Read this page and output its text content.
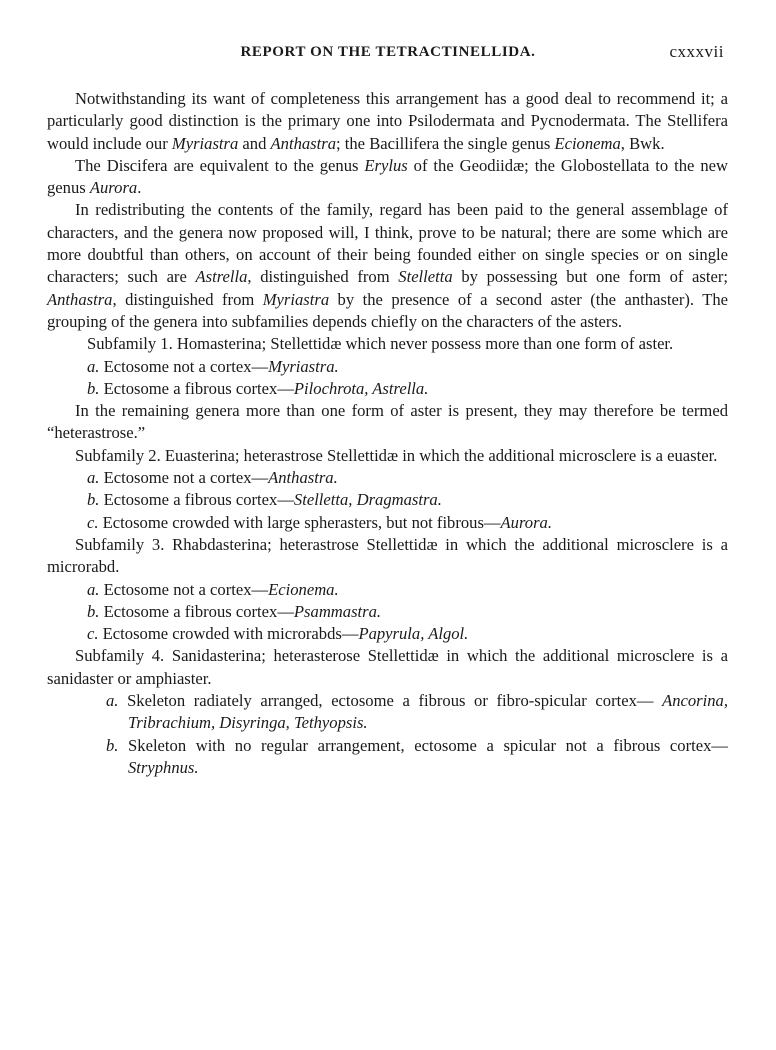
REPORT ON THE TETRACTINELLIDA.	cxxxvii

Notwithstanding its want of completeness this arrangement has a good deal to recommend it; a particularly good distinction is the primary one into Psilodermata and Pycnodermata. The Stellifera would include our Myriastra and Anthastra; the Bacillifera the single genus Ecionema, Bwk.

The Discifera are equivalent to the genus Erylus of the Geodiidæ; the Globostellata to the new genus Aurora.

In redistributing the contents of the family, regard has been paid to the general assemblage of characters, and the genera now proposed will, I think, prove to be natural; there are some which are more doubtful than others, on account of their being founded either on single species or on single characters; such are Astrella, distinguished from Stelletta by possessing but one form of aster; Anthastra, distinguished from Myriastra by the presence of a second aster (the anthaster). The grouping of the genera into subfamilies depends chiefly on the characters of the asters.

Subfamily 1. Homasterina; Stellettidæ which never possess more than one form of aster.

a. Ectosome not a cortex—Myriastra.
b. Ectosome a fibrous cortex—Pilochrota, Astrella.

In the remaining genera more than one form of aster is present, they may therefore be termed “heterastrose.”

Subfamily 2. Euasterina; heterastrose Stellettidæ in which the additional microsclere is a euaster.

a. Ectosome not a cortex—Anthastra.
b. Ectosome a fibrous cortex—Stelletta, Dragmastra.
c. Ectosome crowded with large spherasters, but not fibrous—Aurora.

Subfamily 3. Rhabdasterina; heterastrose Stellettidæ in which the additional microsclere is a microrabd.

a. Ectosome not a cortex—Ecionema.
b. Ectosome a fibrous cortex—Psammastra.
c. Ectosome crowded with microrabds—Papyrula, Algol.

Subfamily 4. Sanidasterina; heterasterose Stellettidæ in which the additional microsclere is a sanidaster or amphiaster.

a. Skeleton radiately arranged, ectosome a fibrous or fibro-spicular cortex— Ancorina, Tribrachium, Disyringa, Tethyopsis.
b. Skeleton with no regular arrangement, ectosome a spicular not a fibrous cortex—Stryphnus.
